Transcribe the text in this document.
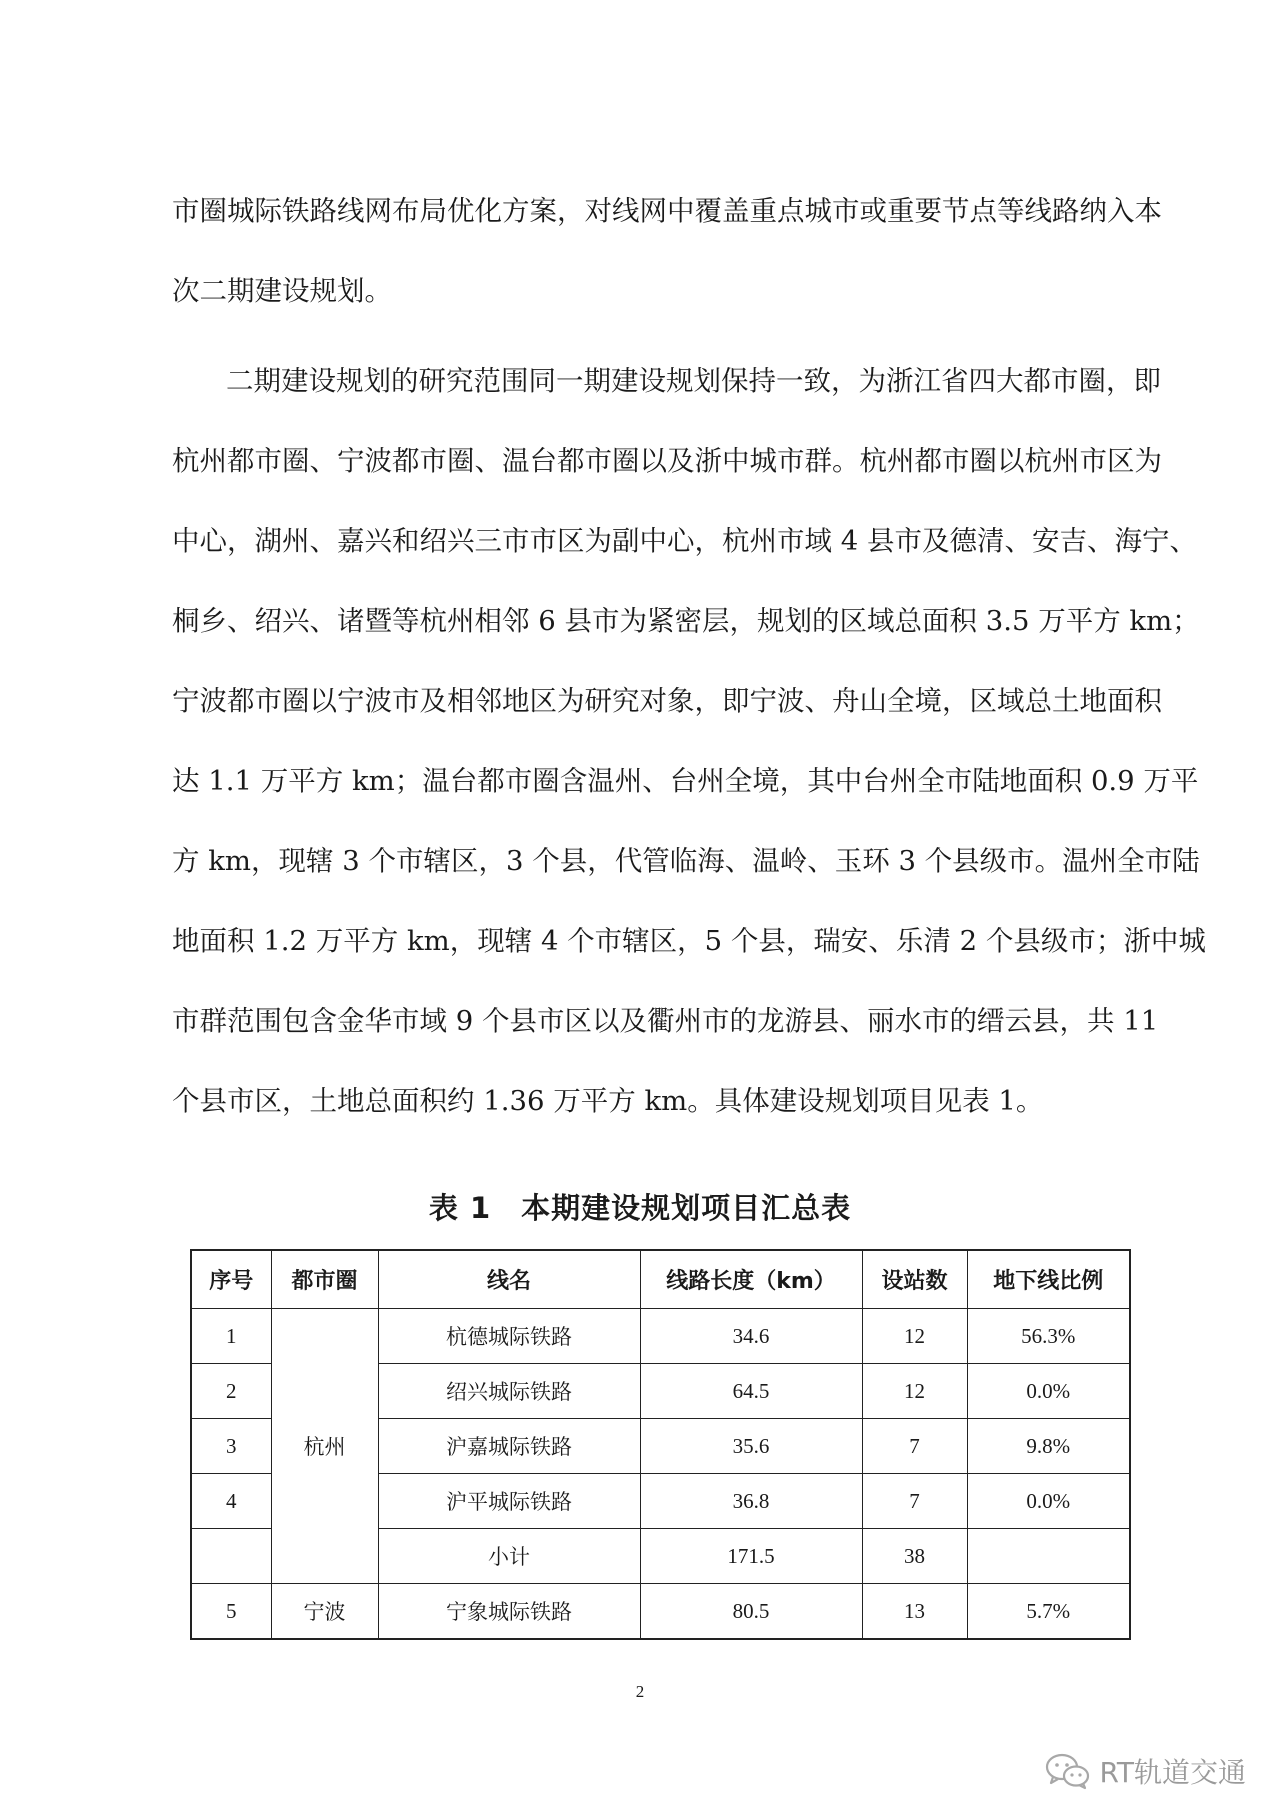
市圈城际铁路线网布局优化方案，对线网中覆盖重点城市或重要节点等线路纳入本
次二期建设规划。
二期建设规划的研究范围同一期建设规划保持一致，为浙江省四大都市圈，即
杭州都市圈、宁波都市圈、温台都市圈以及浙中城市群。杭州都市圈以杭州市区为
中心，湖州、嘉兴和绍兴三市市区为副中心，杭州市域 4 县市及德清、安吉、海宁、
桐乡、绍兴、诸暨等杭州相邻 6 县市为紧密层，规划的区域总面积 3.5 万平方 km；
宁波都市圈以宁波市及相邻地区为研究对象，即宁波、舟山全境，区域总土地面积
达 1.1 万平方 km；温台都市圈含温州、台州全境，其中台州全市陆地面积 0.9 万平
方 km，现辖 3 个市辖区，3 个县，代管临海、温岭、玉环 3 个县级市。温州全市陆
地面积 1.2 万平方 km，现辖 4 个市辖区，5 个县，瑞安、乐清 2 个县级市；浙中城
市群范围包含金华市域 9 个县市区以及衢州市的龙游县、丽水市的缙云县，共 11
个县市区，土地总面积约 1.36 万平方 km。具体建设规划项目见表 1。
表 1　本期建设规划项目汇总表
序号	都市圈	线名	线路长度（km）	设站数	地下线比例
1	杭州	杭德城际铁路	34.6	12	56.3%
2		绍兴城际铁路	64.5	12	0.0%
3		沪嘉城际铁路	35.6	7	9.8%
4		沪平城际铁路	36.8	7	0.0%
		小计	171.5	38	
5	宁波	宁象城际铁路	80.5	13	5.7%
2
RT轨道交通
